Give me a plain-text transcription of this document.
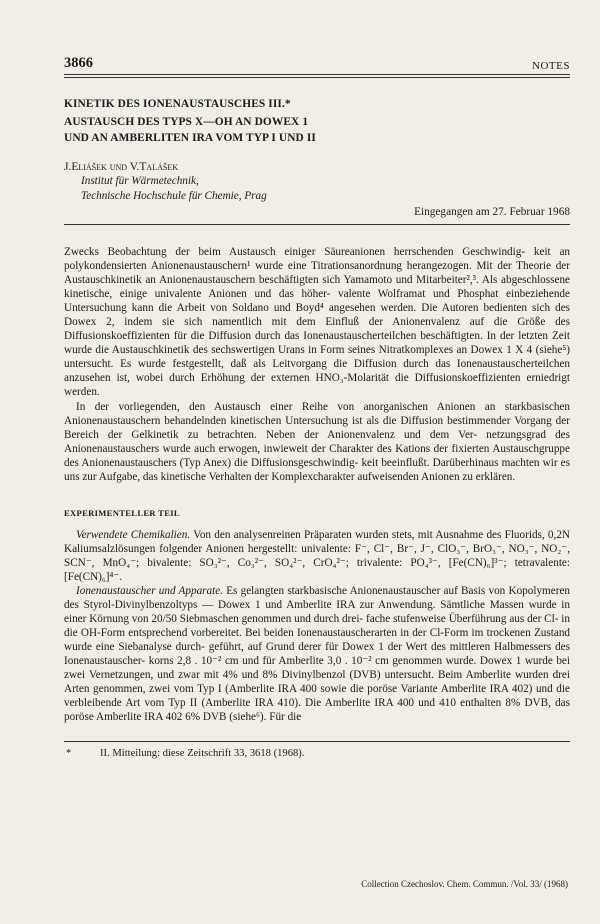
3866	NOTES
KINETIK DES IONENAUSTAUSCHES III.*
AUSTAUSCH DES TYPS X—OH AN DOWEX 1
UND AN AMBERLITEN IRA VOM TYP I UND II
J.Eliášek und V.Talášek
Institut für Wärmetechnik,
Technische Hochschule für Chemie, Prag
Eingegangen am 27. Februar 1968

Zwecks Beobachtung der beim Austausch einiger Säureanionen herrschenden Geschwindig- keit an polykondensierten Anionenaustauschern¹ wurde eine Titrationsanordnung herangezogen. Mit der Theorie der Austauschkinetik an Anionenaustauschern beschäftigten sich Yamamoto und Mitarbeiter²,³. Als abgeschlossene kinetische, einige univalente Anionen und das höher- valente Wolframat und Phosphat einbeziehende Untersuchung kann die Arbeit von Soldano und Boyd⁴ angesehen werden. Die Autoren bedienten sich des Dowex 2, indem sie sich namentlich mit dem Einfluß der Anionenvalenz auf die Größe des Diffusionskoeffizienten für die Diffusion durch das Ionenaustauscherteilchen beschäftigten. In der letzten Zeit wurde die Austauschkinetik des sechswertigen Urans in Form seines Nitratkomplexes an Dowex 1 X 4 (siehe⁵) untersucht. Es wurde festgestellt, daß als Leitvorgang die Diffusion durch das Ionenaustauscherteilchen anzusehen ist, wobei durch Erhöhung der externen HNO₃-Molarität die Diffusionskoeffizienten erniedrigt werden.

In der vorliegenden, den Austausch einer Reihe von anorganischen Anionen an starkbasischen Anionenaustauschern behandelnden kinetischen Untersuchung ist als die Diffusion bestimmender Vorgang der Bereich der Gelkinetik zu betrachten. Neben der Anionenvalenz und dem Ver- netzungsgrad des Anionenaustauschers wurde auch erwogen, inwieweit der Charakter des Kations der fixierten Austauschgruppe des Anionenaustauschers (Typ Anex) die Diffusionsgeschwindig- keit beeinflußt. Darüberhinaus machten wir es uns zur Aufgabe, das kinetische Verhalten der Komplexcharakter aufweisenden Anionen zu erklären.

EXPERIMENTELLER TEIL

Verwendete Chemikalien. Von den analysenreinen Präparaten wurden stets, mit Ausnahme des Fluorids, 0,2N Kaliumsalzlösungen folgender Anionen hergestellt: univalente: F⁻, Cl⁻, Br⁻, J⁻, ClO₃⁻, BrO₃⁻, NO₃⁻, NO₂⁻, SCN⁻, MnO₄⁻; bivalente: SO₃²⁻, Co₃²⁻, SO₄²⁻, CrO₄²⁻; trivalente: PO₄³⁻, [Fe(CN)₆]³⁻; tetravalente: [Fe(CN)₆]⁴⁻.

Ionenaustauscher und Apparate. Es gelangten starkbasische Anionenaustauscher auf Basis von Kopolymeren des Styrol-Divinylbenzoltyps — Dowex 1 und Amberlite IRA zur Anwendung. Sämtliche Massen wurde in einer Körnung von 20/50 Siebmaschen genommen und durch drei- fache stufenweise Überführung aus der Cl- in die OH-Form entsprechend vorbereitet. Bei beiden Ionenaustauscherarten in der Cl-Form im trockenen Zustand wurde eine Siebanalyse durch- geführt, auf Grund derer für Dowex 1 der Wert des mittleren Halbmessers des Ionenaustauscher- korns 2,8 . 10⁻² cm und für Amberlite 3,0 . 10⁻² cm genommen wurde. Dowex 1 wurde bei zwei Vernetzungen, und zwar mit 4% und 8% Divinylbenzol (DVB) untersucht. Beim Amberlite wurden drei Arten genommen, zwei vom Typ I (Amberlite IRA 400 sowie die poröse Variante Amberlite IRA 402) und die verbleibende Art vom Typ II (Amberlite IRA 410). Die Amberlite IRA 400 und 410 enthalten 8% DVB, das poröse Amberlite IRA 402 6% DVB (siehe⁶). Für die

*	II. Mitteilung: diese Zeitschrift 33, 3618 (1968).
Collection Czechoslov. Chem. Commun. /Vol. 33/ (1968)
